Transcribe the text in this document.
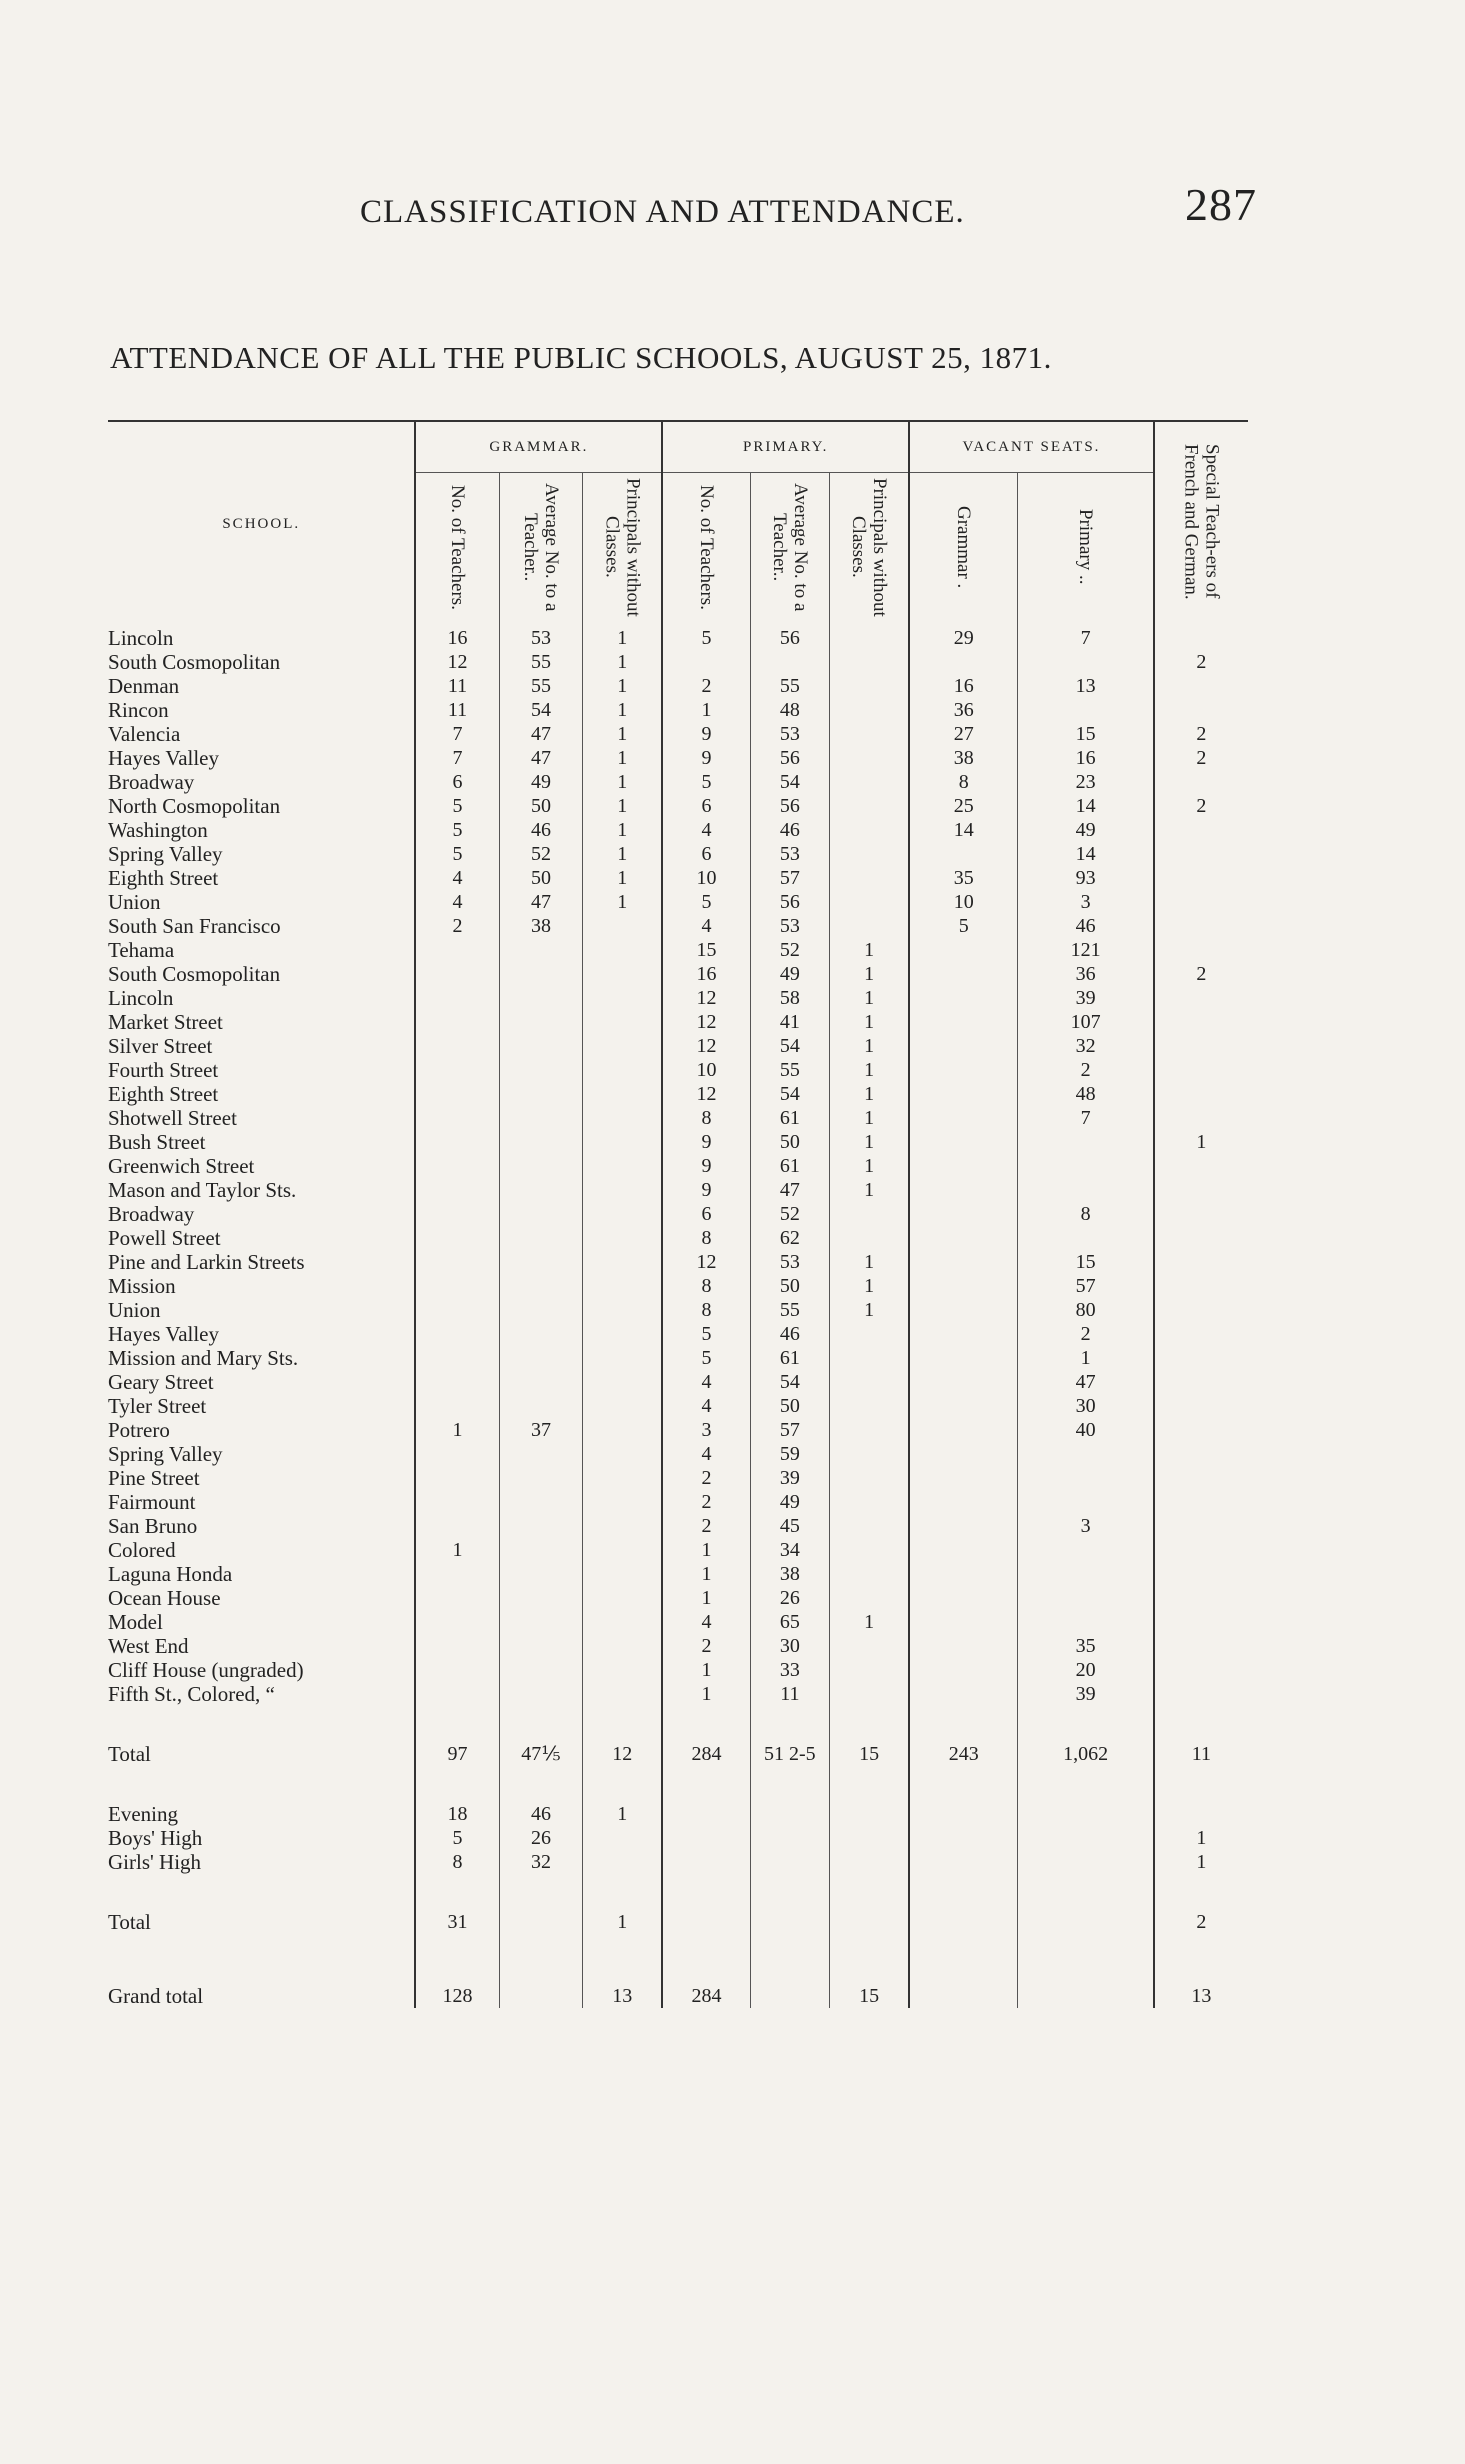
CLASSIFICATION AND ATTENDANCE.	287
ATTENDANCE OF ALL THE PUBLIC SCHOOLS, AUGUST 25, 1871.
SCHOOL.	GRAMMAR.			PRIMARY.			VACANT SEATS.		Special Teach-ers of French and German.
	No. of Teachers.	Average No. to a Teacher..	Principals without Classes.	No. of Teachers.	Average No. to a Teacher..	Principals without Classes.	Grammar .	Primary ..	
Lincoln	16	53	1	5	56		29	7	
South Cosmopolitan	12	55	1						2
Denman	11	55	1	2	55		16	13	
Rincon	11	54	1	1	48		36		
Valencia	7	47	1	9	53		27	15	2
Hayes Valley	7	47	1	9	56		38	16	2
Broadway	6	49	1	5	54		8	23	
North Cosmopolitan	5	50	1	6	56		25	14	2
Washington	5	46	1	4	46		14	49	
Spring Valley	5	52	1	6	53			14	
Eighth Street	4	50	1	10	57		35	93	
Union	4	47	1	5	56		10	3	
South San Francisco	2	38		4	53		5	46	
Tehama				15	52	1		121	
South Cosmopolitan				16	49	1		36	2
Lincoln				12	58	1		39	
Market Street				12	41	1		107	
Silver Street				12	54	1		32	
Fourth Street				10	55	1		2	
Eighth Street				12	54	1		48	
Shotwell Street				8	61	1		7	
Bush Street				9	50	1			1
Greenwich Street				9	61	1			
Mason and Taylor Sts.				9	47	1			
Broadway				6	52			8	
Powell Street				8	62				
Pine and Larkin Streets				12	53	1		15	
Mission				8	50	1		57	
Union				8	55	1		80	
Hayes Valley				5	46			2	
Mission and Mary Sts.				5	61			1	
Geary Street				4	54			47	
Tyler Street				4	50			30	
Potrero	1	37		3	57			40	
Spring Valley				4	59				
Pine Street				2	39				
Fairmount				2	49				
San Bruno				2	45			3	
Colored	1			1	34				
Laguna Honda				1	38				
Ocean House				1	26				
Model				4	65	1			
West End				2	30			35	
Cliff House (ungraded)				1	33			20	
Fifth St., Colored, “				1	11			39	

Total	97	47⅕	12	284	51 2-5	15	243	1,062	11

Evening	18	46	1						
Boys' High	5	26							1
Girls' High	8	32							1

Total	31		1						2

Grand total	128		13	284		15			13
